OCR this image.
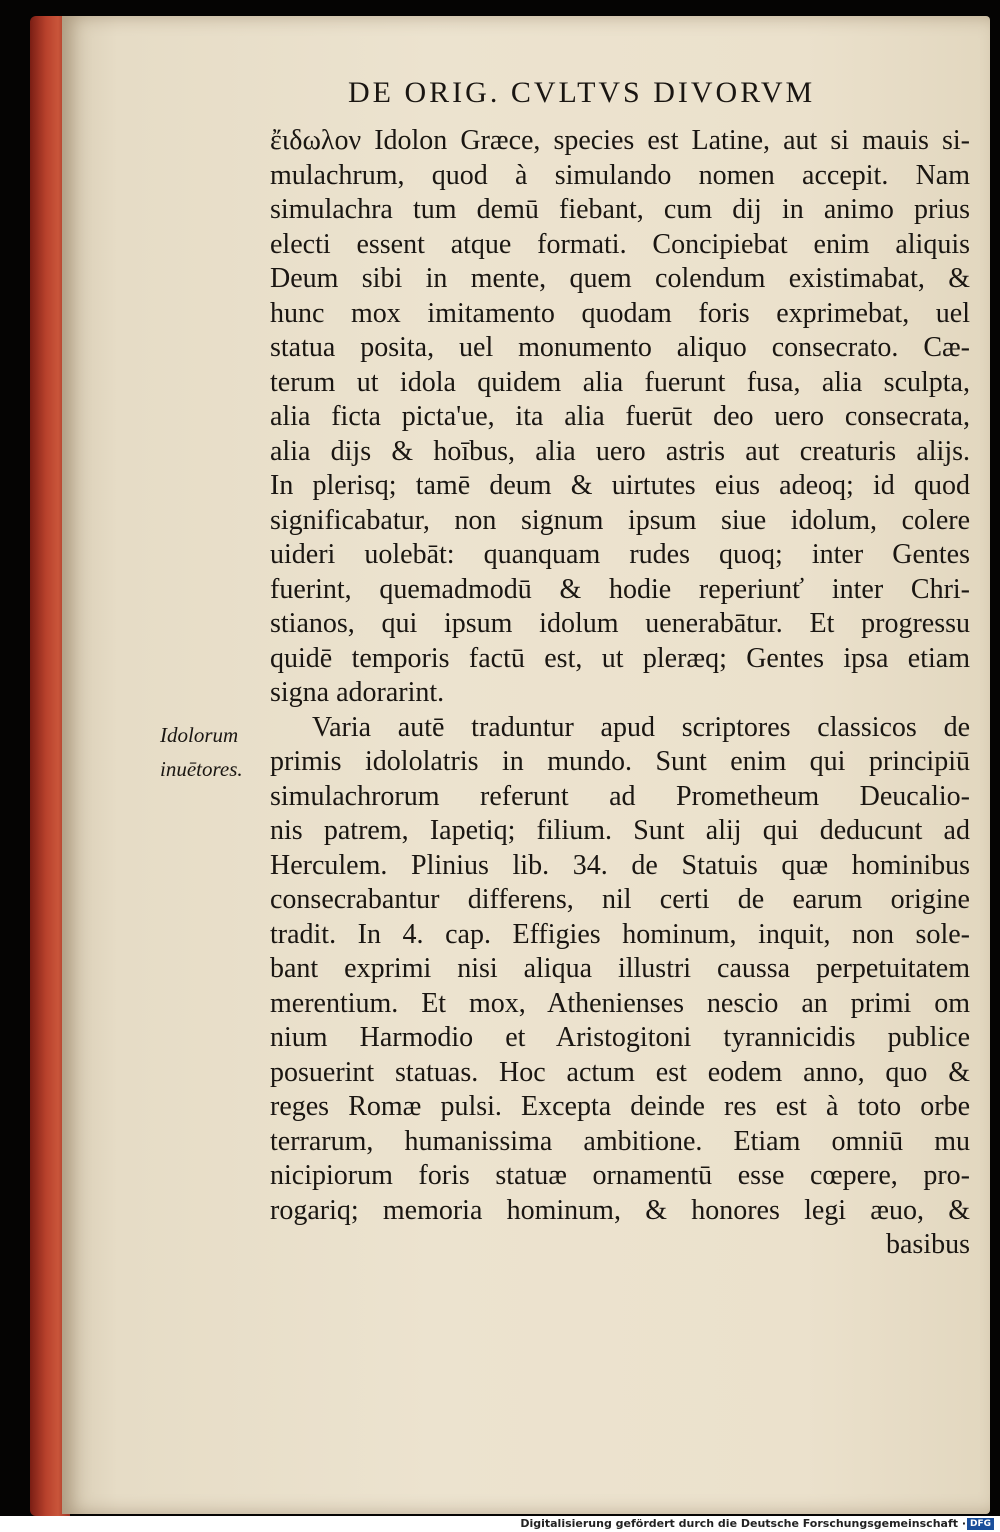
DE ORIG. CVLTVS DIVORVM
Idolorum
inuētores.
ἔιδωλον Idolon Græce, species est Latine, aut si mauis si-
mulachrum, quod à simulando nomen accepit. Nam
simulachra tum demū fiebant, cum dij in animo prius
electi essent atque formati. Concipiebat enim aliquis
Deum sibi in mente, quem colendum existimabat, &
hunc mox imitamento quodam foris exprimebat, uel
statua posita, uel monumento aliquo consecrato. Cæ-
terum ut idola quidem alia fuerunt fusa, alia sculpta,
alia ficta picta'ue, ita alia fuerūt deo uero consecrata,
alia dijs & hoībus, alia uero astris aut creaturis alijs.
In plerisq; tamē deum & uirtutes eius adeoq; id quod
significabatur, non signum ipsum siue idolum, colere
uideri uolebāt: quanquam rudes quoq; inter Gentes
fuerint, quemadmodū & hodie reperiunť inter Chri-
stianos, qui ipsum idolum uenerabātur. Et progressu
quidē temporis factū est, ut pleræq; Gentes ipsa etiam
signa adorarint.
Varia autē traduntur apud scriptores classicos de
primis idololatris in mundo. Sunt enim qui principiū
simulachrorum referunt ad Prometheum Deucalio-
nis patrem, Iapetiq; filium. Sunt alij qui deducunt ad
Herculem. Plinius lib. 34. de Statuis quæ hominibus
consecrabantur differens, nil certi de earum origine
tradit. In 4. cap. Effigies hominum, inquit, non sole-
bant exprimi nisi aliqua illustri caussa perpetuitatem
merentium. Et mox, Athenienses nescio an primi om
nium Harmodio et Aristogitoni tyrannicidis publice
posuerint statuas. Hoc actum est eodem anno, quo &
reges Romæ pulsi. Excepta deinde res est à toto orbe
terrarum, humanissima ambitione. Etiam omniū mu
nicipiorum foris statuæ ornamentū esse cœpere, pro-
rogariq; memoria hominum, & honores legi æuo, &
basibus
Digitalisierung gefördert durch die Deutsche Forschungsgemeinschaft · DFG
